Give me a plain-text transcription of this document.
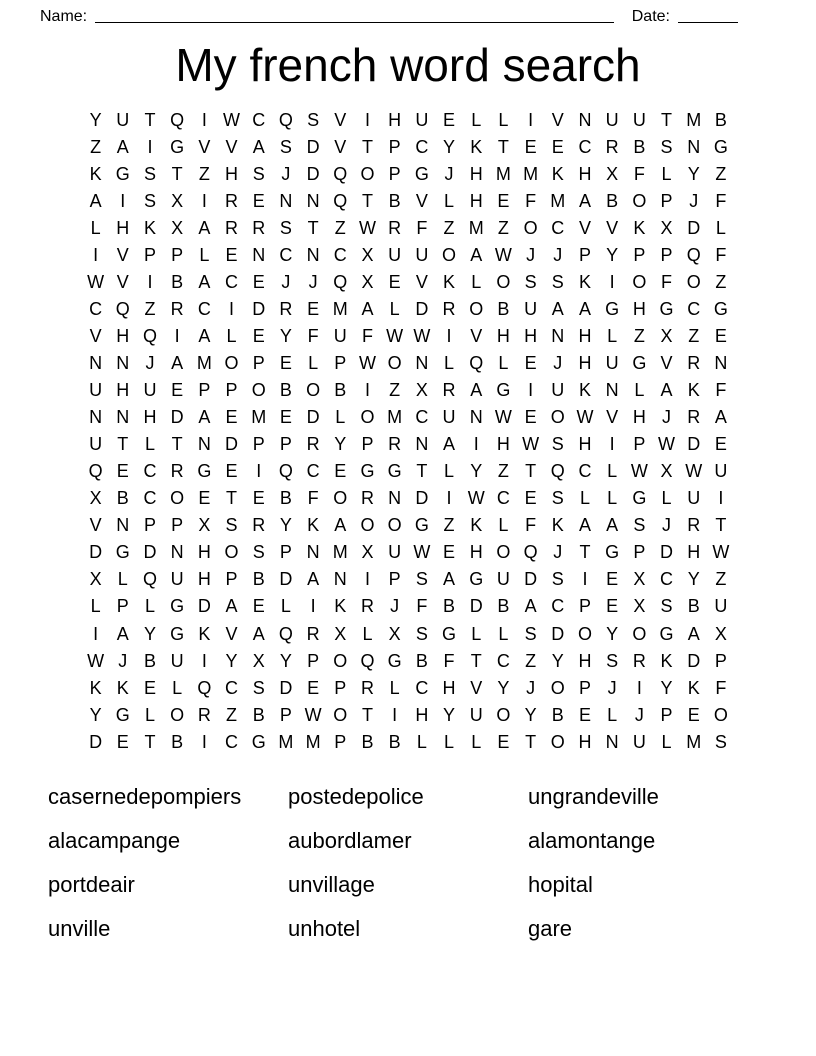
Name:	Date:
My french word search
Y U T Q I W C Q S V	I	H U E L L	I	V N U U T M B
Z A	I G V V A S D V T P C Y K T E E C R B S N G
K G S T Z H S J D Q O P G J H M M K H X F L Y Z
A	I	S X	I	R E N N Q T B V L H E F M A B O P J F
L H K X A R R S T Z W R F Z M Z O C V V K X D L
I	V P P L E N C N C X U U O A W J	J P Y P P Q F
W V	I	B A C E J	J Q X E V K L O S S K	I O F O Z
C Q Z R C	I	D R E M A L D R O B U A A G H G C G
V H Q I	A L E Y F U F W W I	V H H N H L Z X Z E
N N J A M O P E L P W O N L Q L E J H U G V R N
U H U E P P O B O B	I	Z X R A G I	U K N L A K F
N N H D A E M E D L O M C U N W E O W V H J R A
U T L T N D P P R Y P R N A	I	H W S H	I	P W D E
Q E C R G E	I Q C E G G T L Y Z T Q C L W X W U
X B C O E T E B F O R N D	I W C E S L L G L U	I
V N P P X S R Y K A O O G Z K L F K A A S J R T
D G D N H O S P N M X U W E H O Q J T G P D H W
X L Q U H P B D A N	I	P S A G U D S	I	E X C Y Z
L P L G D A E L	I	K R J F B D B A C P E X S B U
I	A Y G K V A Q R X L X S G L L S D O Y O G A X
W J B U	I	Y X Y P O Q G B F T C Z Y H S R K D P
K K E L Q C S D E P R L C H V Y J O P J	I	Y K F
Y G L O R Z B P W O T	I	H Y U O Y B E L J P E O
D E T B	I	C G M M P B B L L L E T O H N U L M S
casernedepompiers
alacampange
portdeair
unville
postedepolice
aubordlamer
unvillage
unhotel
ungrandeville
alamontange
hopital
gare
